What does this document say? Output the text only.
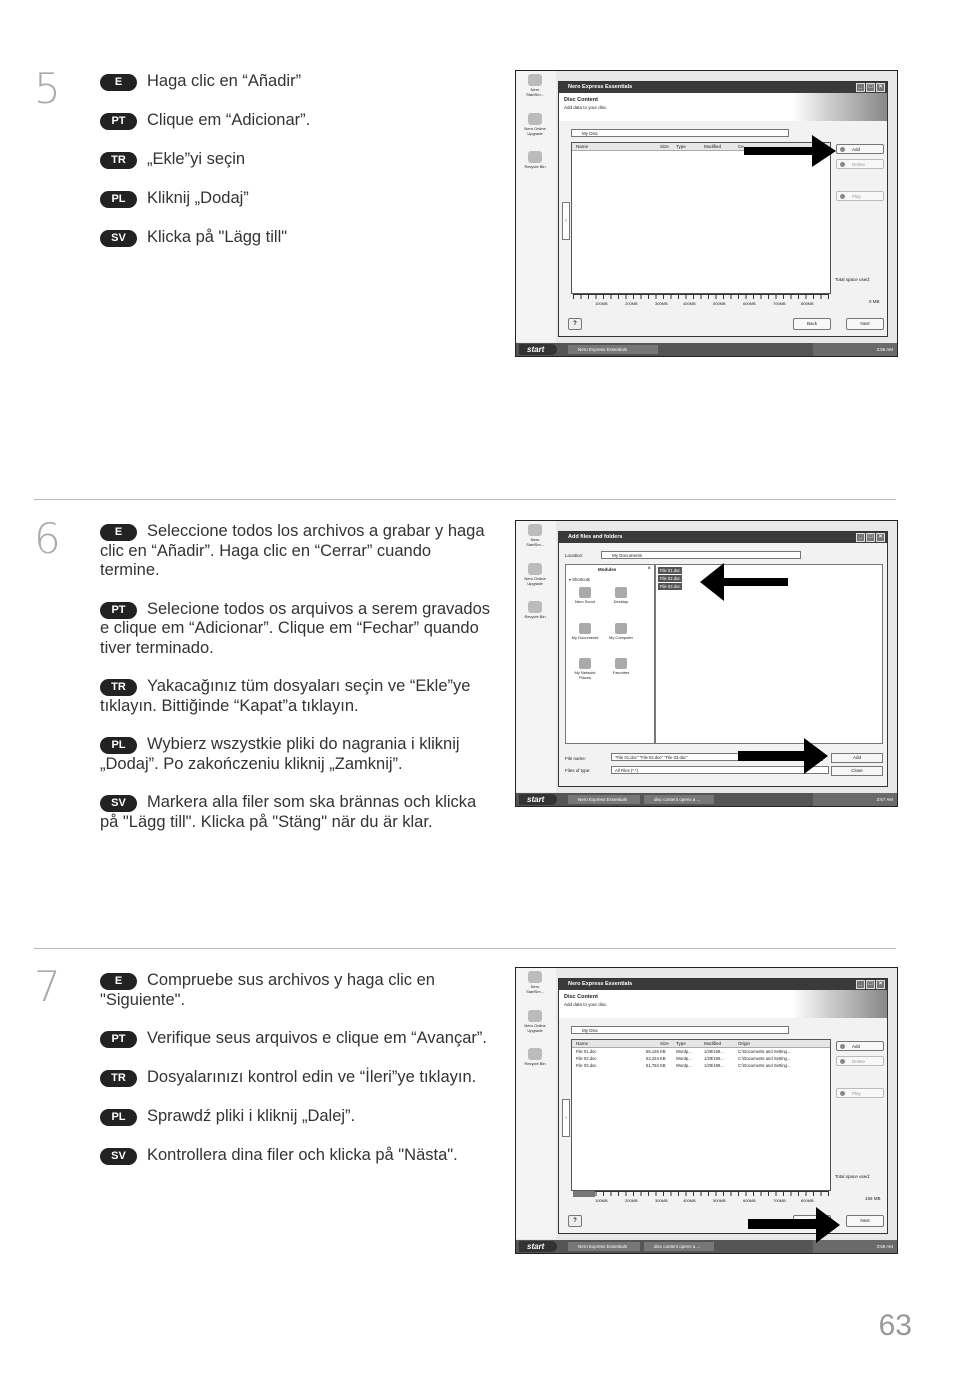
5	E Haga clic en “Añadir”
PT Clique em “Adicionar”.
TR „Ekle”yi seçin
PL Kliknij „Dodaj”
SV Klicka på "Lägg till"
Nero StartSm...
Nero Online Upgrade
Recycle Bin
Nero Express Essentials	_	□	×
Disc Content
Add data to your disc.
My Disc
‹
Name	Size Type	Modified	Ce
Add
Delete
Play
Total space used:
0 MB
100MB	200MB	300MB	400MB	500MB	600MB	700MB	800MB
?	Back	Next
start	Nero Express Essentials	3:55 AM
6	E Seleccione todos los archivos a grabar y haga clic en “Añadir”. Haga clic en “Cerrar” cuando termine.
PT Selecione todos os arquivos a serem gravados e clique em “Adicionar”. Clique em “Fechar” quando tiver terminado.
TR Yakacağınız tüm dosyaları seçin ve “Ekle”ye tıklayın. Bittiğinde “Kapat”a tıklayın.
PL Wybierz wszystkie pliki do nagrania i kliknij „Dodaj”. Po zakończeniu kliknij „Zamknij”.
SV Markera alla filer som ska brännas och klicka på "Lägg till". Klicka på "Stäng" när du är klar.
Nero StartSm...
Nero Online Upgrade
Recycle Bin
Add files and folders	_	□	×
Location:	My Documents
Modules	×
▾ Shortcuts
Nero Scout	Desktop
My Documents	My Computer
My Network Places
Favorites
File 01.doc
File 02.doc
File 03.doc
File name:	"File 01.doc" "File 02.doc" "File 03.doc"
Files of type:	All Files (*.*)
Add
Close
start	Nero Express Essentials	disc content opens a ...	3:57 AM
7	E Compruebe sus archivos y haga clic en "Siguiente".
PT Verifique seus arquivos e clique em “Avançar”.
TR Dosyalarınızı kontrol edin ve “İleri”ye tıklayın.
PL Sprawdź pliki i kliknij „Dalej”.
SV Kontrollera dina filer och klicka på "Nästa".
Nero StartSm...
Nero Online Upgrade
Recycle Bin
Nero Express Essentials	_	□	×
Disc Content
Add data to your disc.
My Disc
‹
Name	Size Type	Modified	Origin
File 01.doc	55,126 KB Wordp...	1/29/199...	C:\Documents and Setting...
File 02.doc	53,224 KB Wordp...	1/29/199...	C:\Documents and Setting...
File 03.doc	51,784 KB Wordp...	1/29/199...	C:\Documents and Setting...
Add
Delete
Play
Total space used:
156 MB
100MB	200MB	300MB	400MB	500MB	600MB	700MB	800MB
?	Next
start	Nero Express Essentials	disc content opens a ...	3:58 AM
63
